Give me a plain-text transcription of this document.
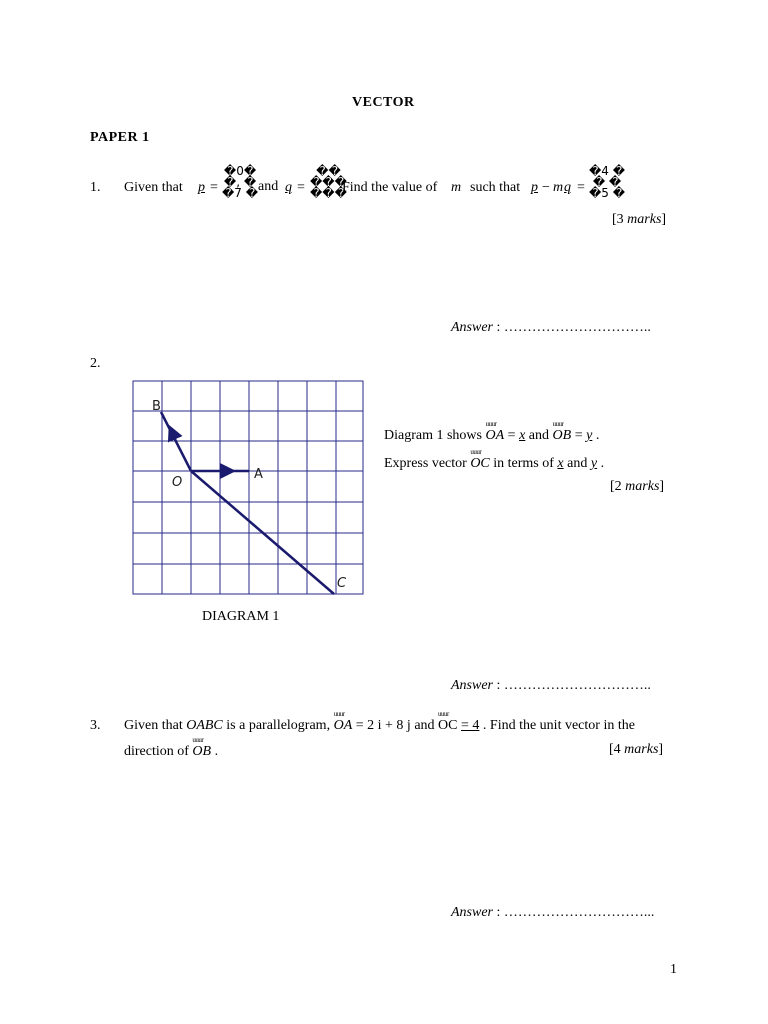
VECTOR
PAPER 1
1. Given that p =
�0�
�, �
�7 � and q =
��
���
���
Find the value of m such that p − m q =
�4 �
� �
�5 �
[3 marks]
Answer : …………………………..
2.
B
O
A
C
Diagram 1 shows uuur OA = x and uuur OB = y .
Express vector uuur OC in terms of x and y .
[2 marks]
DIAGRAM 1
Answer : …………………………..
3. Given that OABC is a parallelogram, uuur OA = 2 i + 8 j and uuur OC = 4 . Find the unit vector in the
direction of uuur OB .	[4 marks]
Answer : …………………………...
1
